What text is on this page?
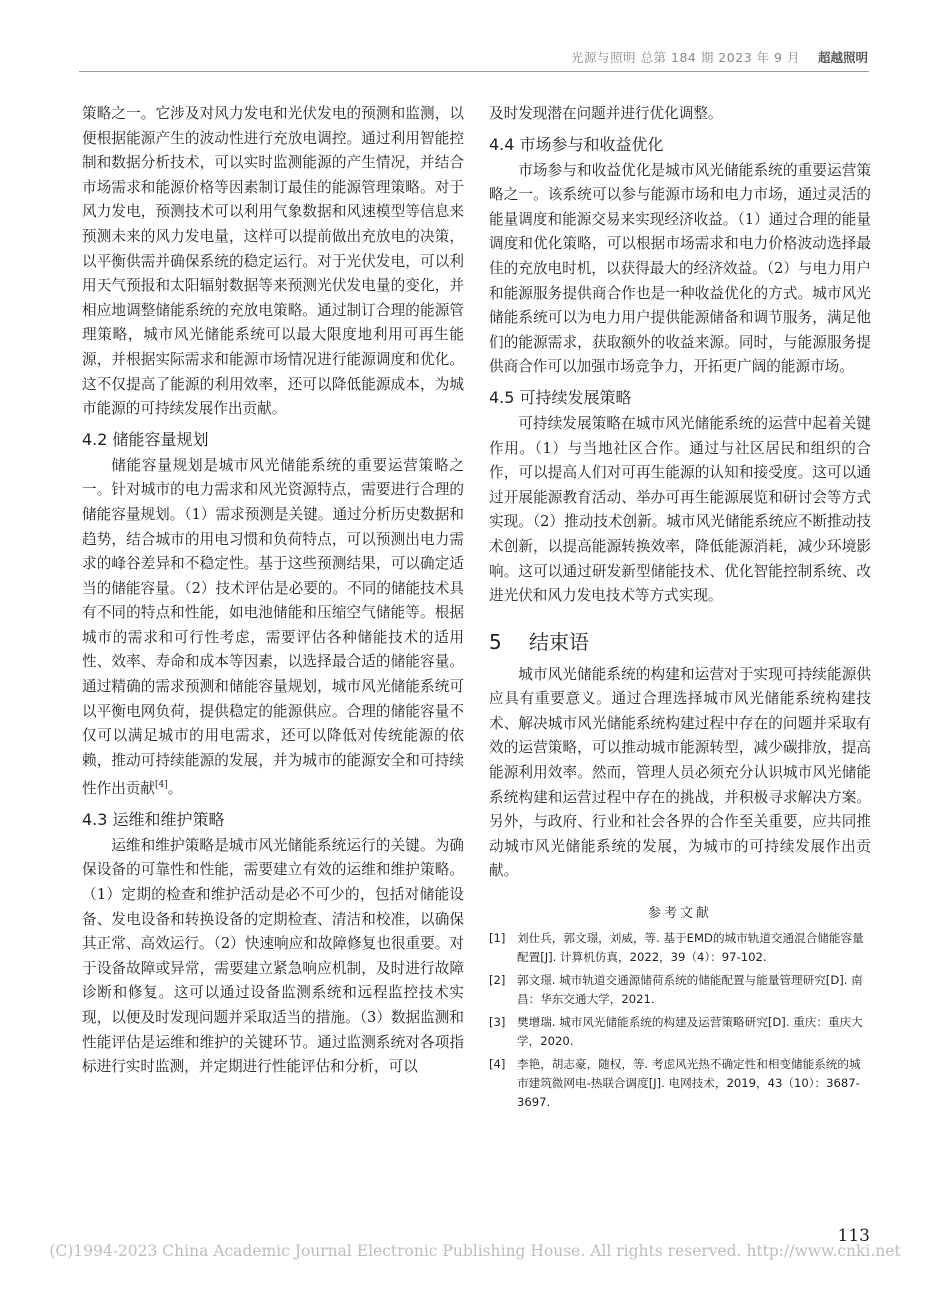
光源与照明 总第 184 期 2023 年 9 月 超越照明

策略之一。它涉及对风力发电和光伏发电的预测和监测，以便根据能源产生的波动性进行充放电调控。通过利用智能控制和数据分析技术，可以实时监测能源的产生情况，并结合市场需求和能源价格等因素制订最佳的能源管理策略。对于风力发电，预测技术可以利用气象数据和风速模型等信息来预测未来的风力发电量，这样可以提前做出充放电的决策，以平衡供需并确保系统的稳定运行。对于光伏发电，可以利用天气预报和太阳辐射数据等来预测光伏发电量的变化，并相应地调整储能系统的充放电策略。通过制订合理的能源管理策略，城市风光储能系统可以最大限度地利用可再生能源，并根据实际需求和能源市场情况进行能源调度和优化。这不仅提高了能源的利用效率，还可以降低能源成本，为城市能源的可持续发展作出贡献。

4.2 储能容量规划

储能容量规划是城市风光储能系统的重要运营策略之一。针对城市的电力需求和风光资源特点，需要进行合理的储能容量规划。（1）需求预测是关键。通过分析历史数据和趋势，结合城市的用电习惯和负荷特点，可以预测出电力需求的峰谷差异和不稳定性。基于这些预测结果，可以确定适当的储能容量。（2）技术评估是必要的。不同的储能技术具有不同的特点和性能，如电池储能和压缩空气储能等。根据城市的需求和可行性考虑，需要评估各种储能技术的适用性、效率、寿命和成本等因素，以选择最合适的储能容量。通过精确的需求预测和储能容量规划，城市风光储能系统可以平衡电网负荷，提供稳定的能源供应。合理的储能容量不仅可以满足城市的用电需求，还可以降低对传统能源的依赖，推动可持续能源的发展，并为城市的能源安全和可持续性作出贡献[4]。

4.3 运维和维护策略

运维和维护策略是城市风光储能系统运行的关键。为确保设备的可靠性和性能，需要建立有效的运维和维护策略。（1）定期的检查和维护活动是必不可少的，包括对储能设备、发电设备和转换设备的定期检查、清洁和校准，以确保其正常、高效运行。（2）快速响应和故障修复也很重要。对于设备故障或异常，需要建立紧急响应机制，及时进行故障诊断和修复。这可以通过设备监测系统和远程监控技术实现，以便及时发现问题并采取适当的措施。（3）数据监测和性能评估是运维和维护的关键环节。通过监测系统对各项指标进行实时监测，并定期进行性能评估和分析，可以

及时发现潜在问题并进行优化调整。

4.4 市场参与和收益优化

市场参与和收益优化是城市风光储能系统的重要运营策略之一。该系统可以参与能源市场和电力市场，通过灵活的能量调度和能源交易来实现经济收益。（1）通过合理的能量调度和优化策略，可以根据市场需求和电力价格波动选择最佳的充放电时机，以获得最大的经济效益。（2）与电力用户和能源服务提供商合作也是一种收益优化的方式。城市风光储能系统可以为电力用户提供能源储备和调节服务，满足他们的能源需求，获取额外的收益来源。同时，与能源服务提供商合作可以加强市场竞争力，开拓更广阔的能源市场。

4.5 可持续发展策略

可持续发展策略在城市风光储能系统的运营中起着关键作用。（1）与当地社区合作。通过与社区居民和组织的合作，可以提高人们对可再生能源的认知和接受度。这可以通过开展能源教育活动、举办可再生能源展览和研讨会等方式实现。（2）推动技术创新。城市风光储能系统应不断推动技术创新，以提高能源转换效率，降低能源消耗，减少环境影响。这可以通过研发新型储能技术、优化智能控制系统、改进光伏和风力发电技术等方式实现。

5 结束语

城市风光储能系统的构建和运营对于实现可持续能源供应具有重要意义。通过合理选择城市风光储能系统构建技术、解决城市风光储能系统构建过程中存在的问题并采取有效的运营策略，可以推动城市能源转型，减少碳排放，提高能源利用效率。然而，管理人员必须充分认识城市风光储能系统构建和运营过程中存在的挑战，并积极寻求解决方案。另外，与政府、行业和社会各界的合作至关重要，应共同推动城市风光储能系统的发展，为城市的可持续发展作出贡献。

参考文献
[1] 刘仕兵，郭文璟，刘威，等. 基于EMD的城市轨道交通混合储能容量配置[J]. 计算机仿真，2022，39（4）：97-102.
[2] 郭文璟. 城市轨道交通源储荷系统的储能配置与能量管理研究[D]. 南昌：华东交通大学，2021.
[3] 樊增瑞. 城市风光储能系统的构建及运营策略研究[D]. 重庆：重庆大学，2020.
[4] 李艳，胡志豪，随权，等. 考虑风光热不确定性和相变储能系统的城市建筑微网电-热联合调度[J]. 电网技术，2019，43（10）：3687-3697.
113
(C)1994-2023 China Academic Journal Electronic Publishing House. All rights reserved. http://www.cnki.net
